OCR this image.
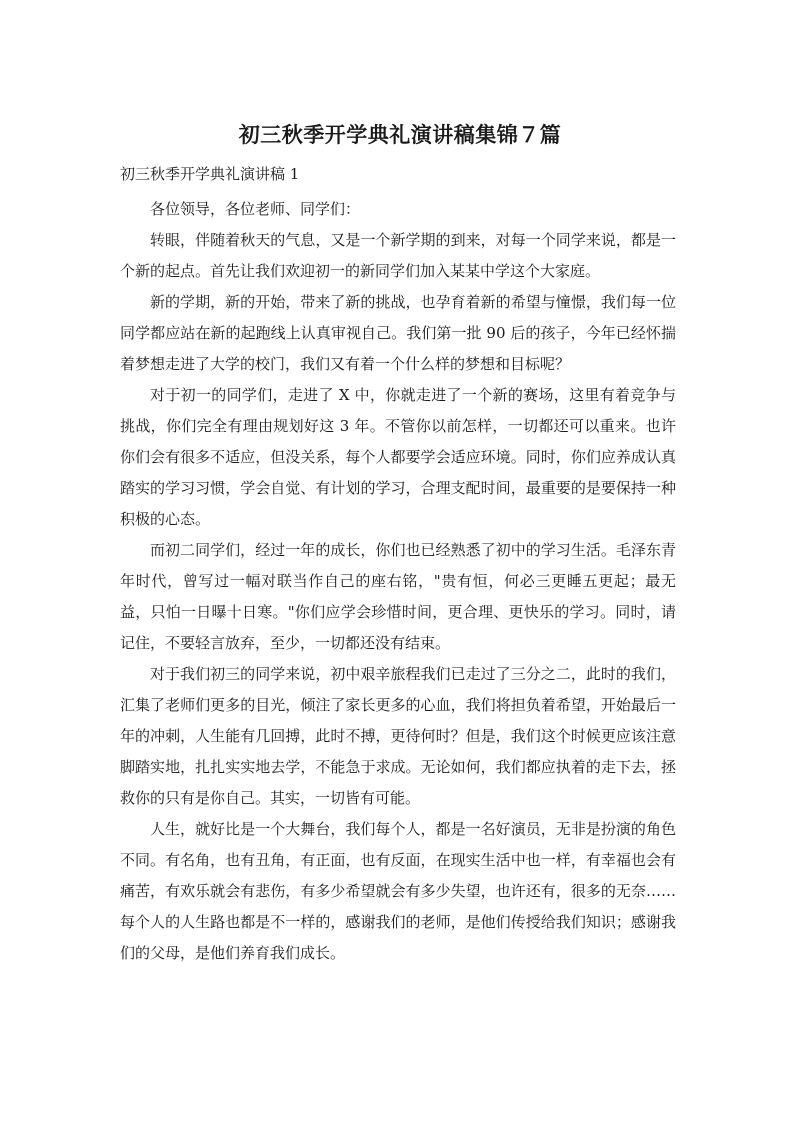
初三秋季开学典礼演讲稿集锦７篇
初三秋季开学典礼演讲稿 1

各位领导，各位老师、同学们：

转眼，伴随着秋天的气息，又是一个新学期的到来，对每一个同学来说，都是一个新的起点。首先让我们欢迎初一的新同学们加入某某中学这个大家庭。

新的学期，新的开始，带来了新的挑战，也孕育着新的希望与憧憬，我们每一位同学都应站在新的起跑线上认真审视自己。我们第一批 90 后的孩子，今年已经怀揣着梦想走进了大学的校门，我们又有着一个什么样的梦想和目标呢？

对于初一的同学们，走进了 X 中，你就走进了一个新的赛场，这里有着竞争与挑战，你们完全有理由规划好这 3 年。不管你以前怎样，一切都还可以重来。也许你们会有很多不适应，但没关系，每个人都要学会适应环境。同时，你们应养成认真踏实的学习习惯，学会自觉、有计划的学习，合理支配时间，最重要的是要保持一种积极的心态。

而初二同学们，经过一年的成长，你们也已经熟悉了初中的学习生活。毛泽东青年时代，曾写过一幅对联当作自己的座右铭，"贵有恒，何必三更睡五更起；最无益，只怕一日曝十日寒。"你们应学会珍惜时间，更合理、更快乐的学习。同时，请记住，不要轻言放弃，至少，一切都还没有结束。

对于我们初三的同学来说，初中艰辛旅程我们已走过了三分之二，此时的我们，汇集了老师们更多的目光，倾注了家长更多的心血，我们将担负着希望，开始最后一年的冲刺，人生能有几回搏，此时不搏，更待何时？但是，我们这个时候更应该注意脚踏实地，扎扎实实地去学，不能急于求成。无论如何，我们都应执着的走下去，拯救你的只有是你自己。其实，一切皆有可能。

人生，就好比是一个大舞台，我们每个人，都是一名好演员，无非是扮演的角色不同。有名角，也有丑角，有正面，也有反面，在现实生活中也一样，有幸福也会有痛苦，有欢乐就会有悲伤，有多少希望就会有多少失望，也许还有，很多的无奈……每个人的人生路也都是不一样的，感谢我们的老师，是他们传授给我们知识；感谢我们的父母，是他们养育我们成长。
